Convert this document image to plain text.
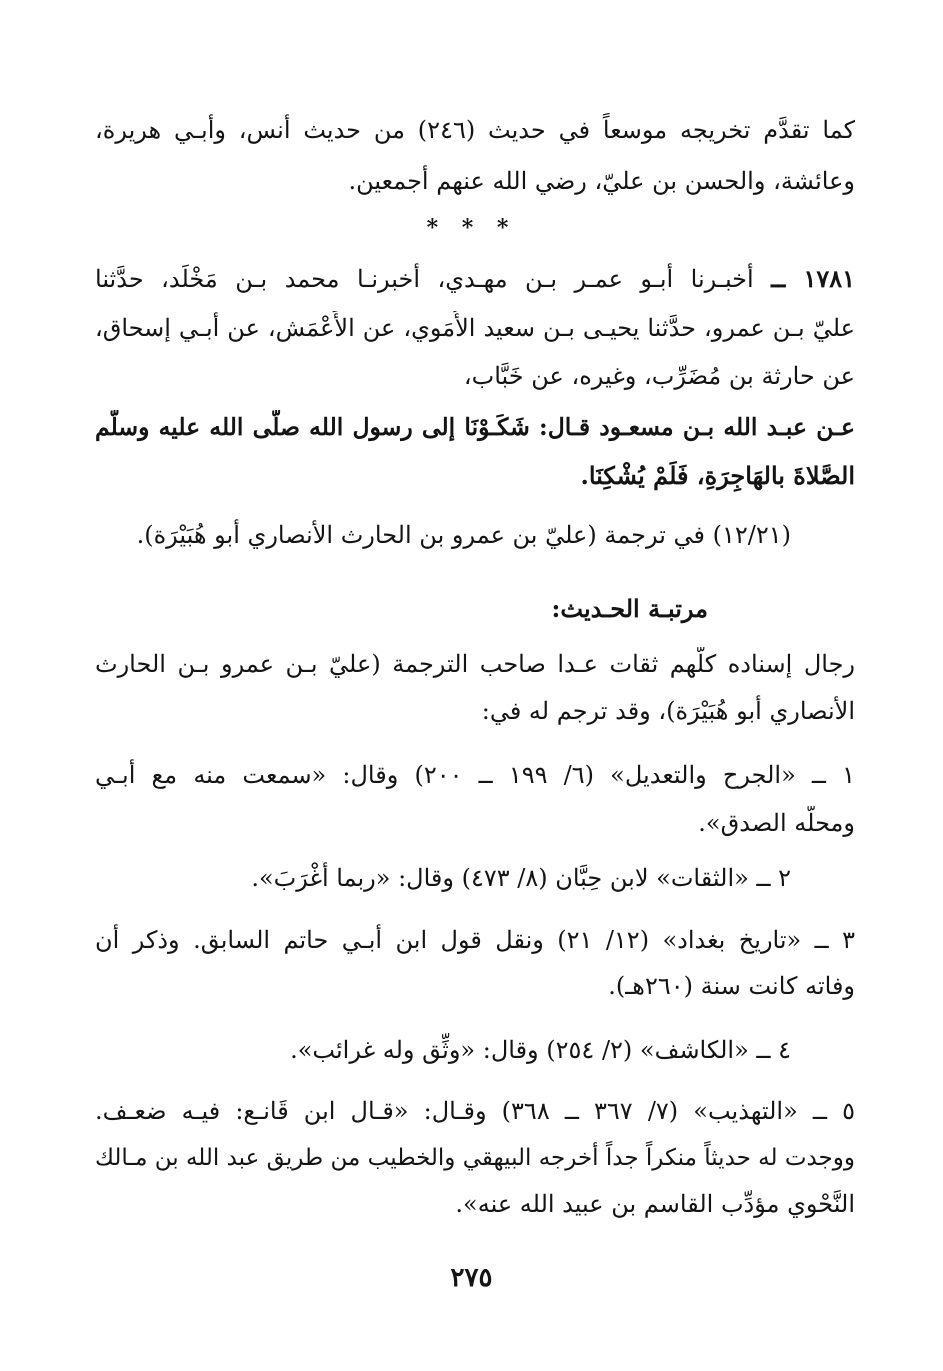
كما تقدَّم تخريجه موسعاً في حديث (٢٤٦) من حديث أنس، وأبـي هريرة،
وعائشة، والحسن بن عليّ، رضي الله عنهم أجمعين.
* * *
١٧٨١ ــ أخبـرنا أبـو عمـر بـن مهـدي، أخبرنـا محمد بـن مَخْلَد، حدَّثنا
عليّ بـن عمرو، حدَّثنا يحيـى بـن سعيد الأُمَوي، عن الأَعْمَش، عن أبـي إسحاق،
عن حارثة بن مُضَرِّب، وغيره، عن خَبَّاب،
عـن عبـد الله بـن مسعـود قـال: شَكَـوْنَا إلى رسول الله صلَّى الله عليه وسلَّم
الصَّلاةَ بالهَاجِرَةِ، فَلَمْ يُشْكِنَا.
(١٢/٢١) في ترجمة (عليّ بن عمرو بن الحارث الأنصاري أبو هُبَيْرَة).
مرتبـة الحـديث:
رجال إسناده كلُّهم ثقات عـدا صاحب الترجمة (عليّ بـن عمرو بـن الحارث
الأنصاري أبو هُبَيْرَة)، وقد ترجم له في:
١ ــ «الجرح والتعديل» (٦/ ١٩٩ ــ ٢٠٠) وقال: «سمعت منه مع أبـي
ومحلُّه الصدق».
٢ ــ «الثقات» لابن حِبَّان (٨/ ٤٧٣) وقال: «ربما أَغْرَبَ».
٣ ــ «تاريخ بغداد» (١٢/ ٢١) ونقل قول ابن أبـي حاتم السابق. وذكر أن
وفاته كانت سنة (٢٦٠هـ).
٤ ــ «الكاشف» (٢/ ٢٥٤) وقال: «وثِّق وله غرائب».
٥ ــ «التهذيب» (٧/ ٣٦٧ ــ ٣٦٨) وقـال: «قـال ابن قَانـع: فيـه ضعـف.
ووجدت له حديثاً منكراً جداً أخرجه البيهقي والخطيب من طريق عبد الله بن مـالك
النَّحْوي مؤدِّب القاسم بن عبيد الله عنه».
٢٧٥
